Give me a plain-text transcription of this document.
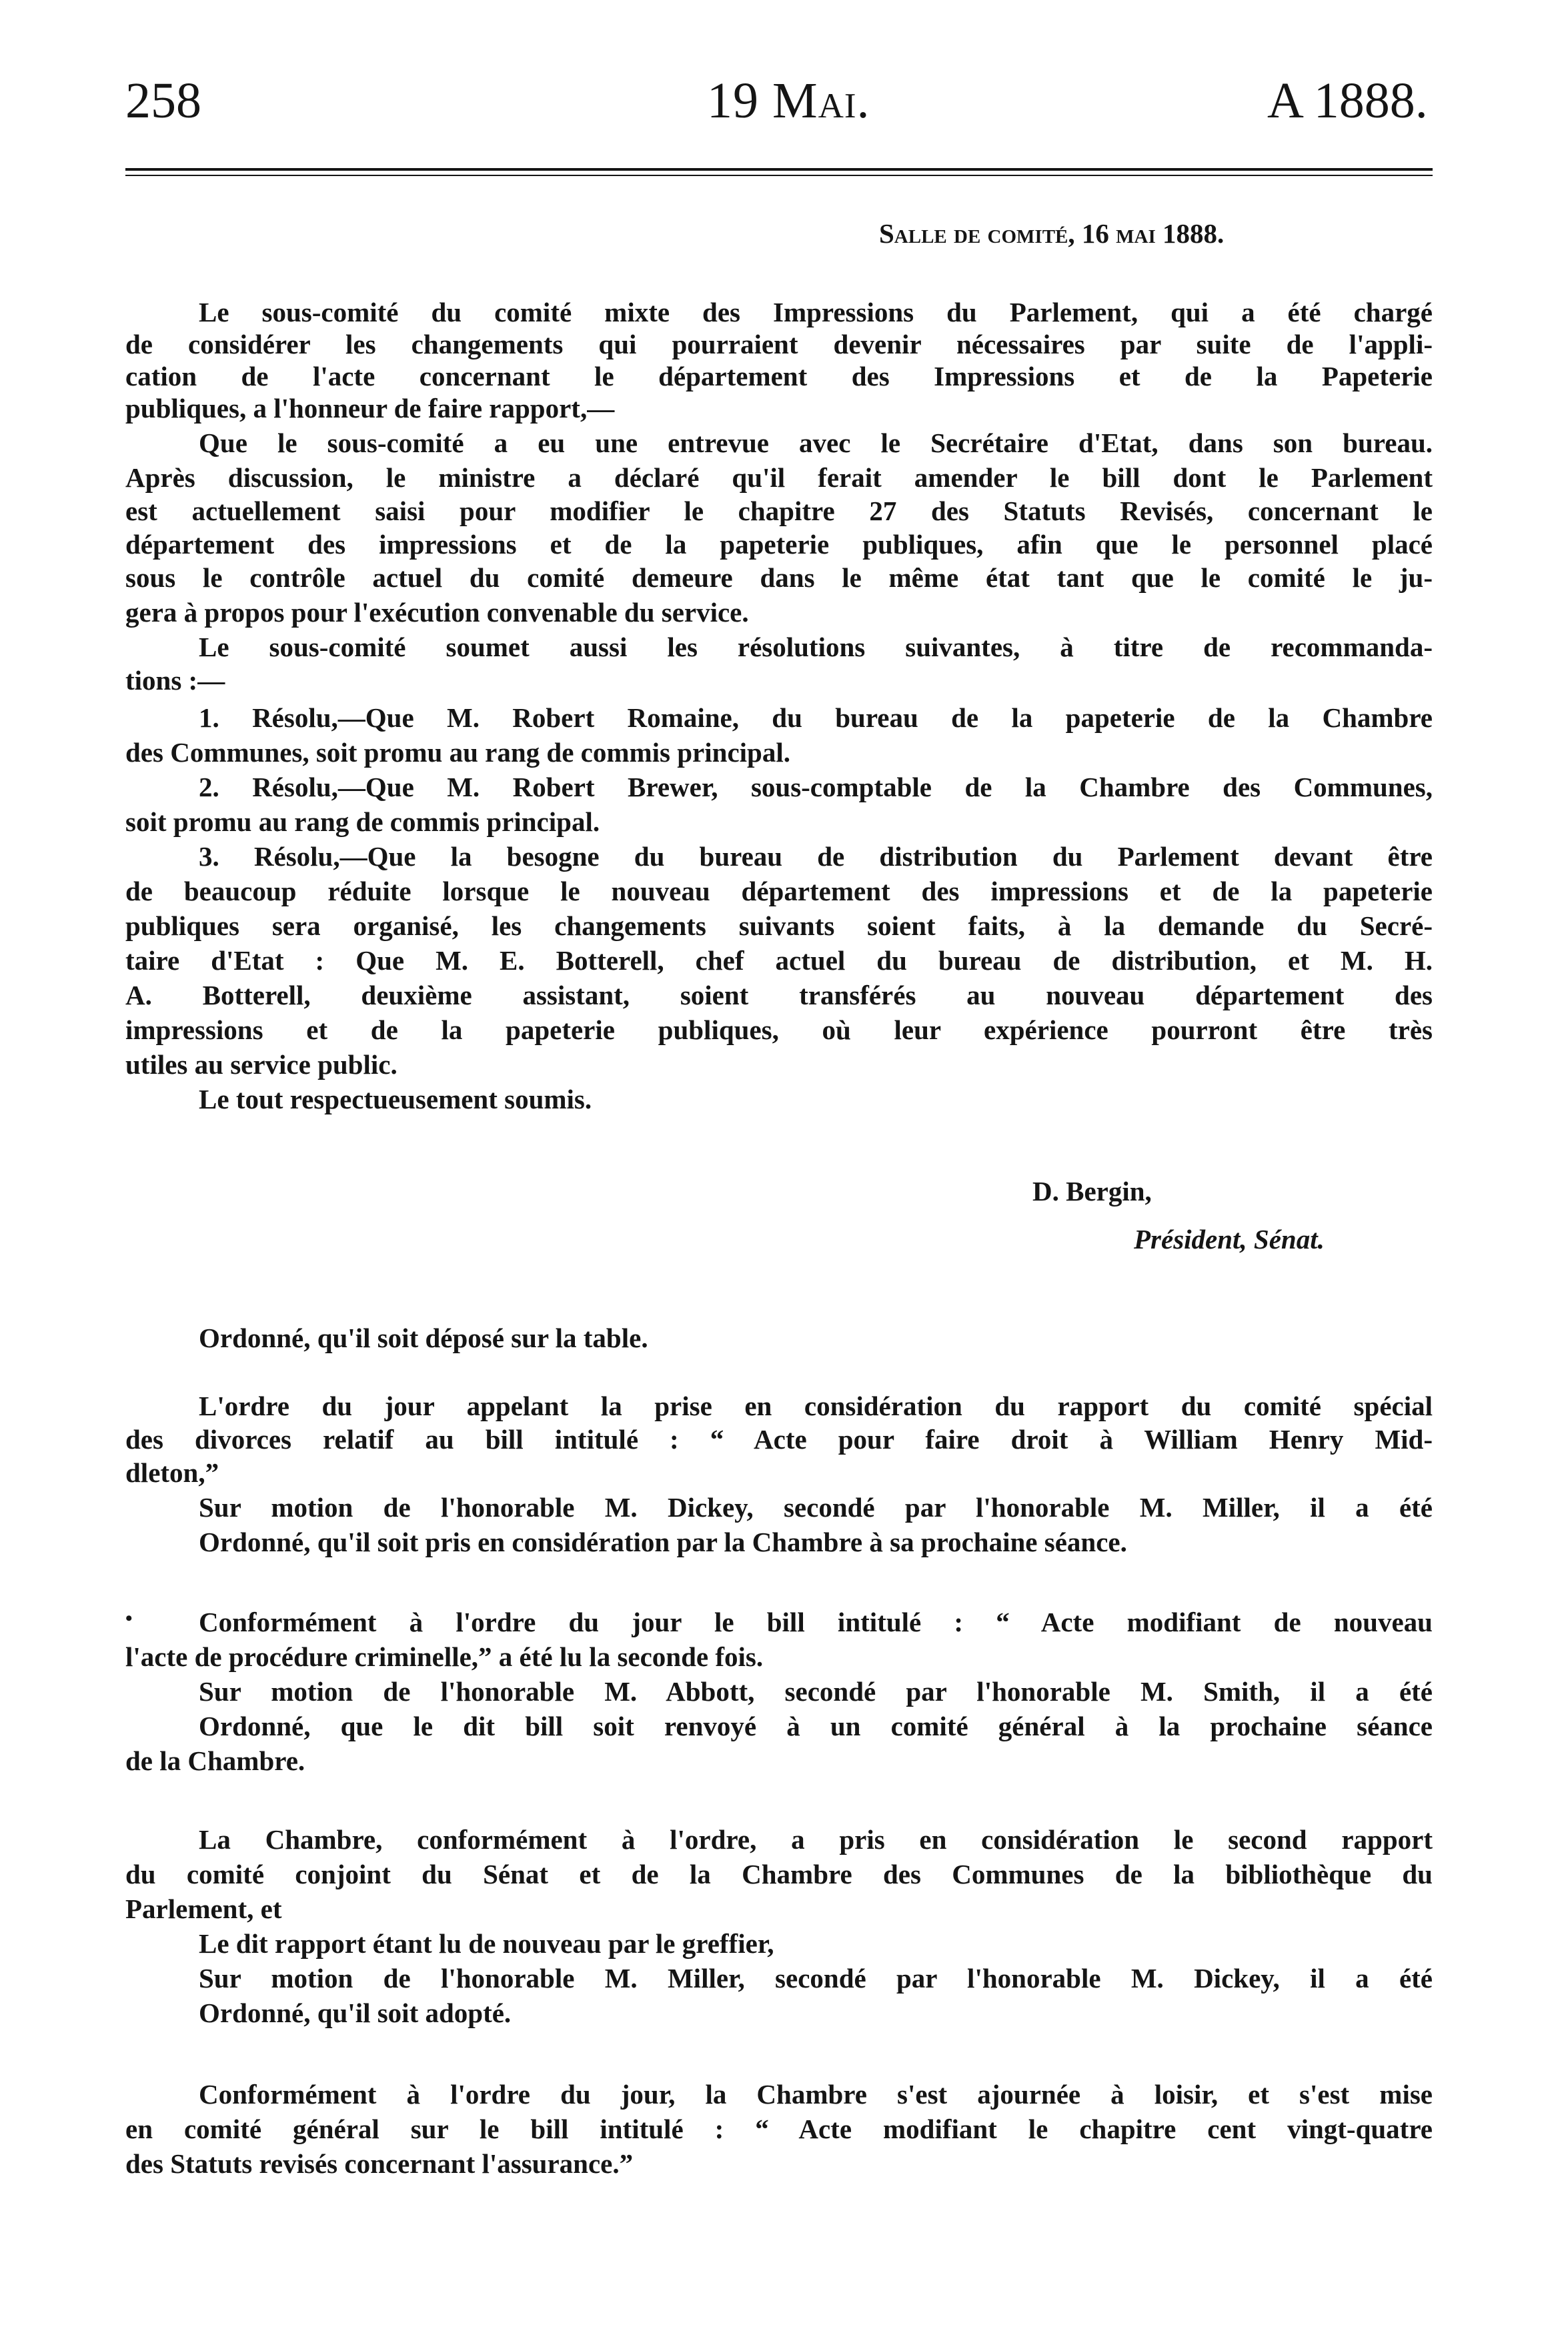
258	19 Mai.	A 1888.
Salle de comité, 16 mai 1888.
Le sous-comité du comité mixte des Impressions du Parlement, qui a été chargé
de considérer les changements qui pourraient devenir nécessaires par suite de l'appli-
cation de l'acte concernant le département des Impressions et de la Papeterie
publiques, a l'honneur de faire rapport,—
Que le sous-comité a eu une entrevue avec le Secrétaire d'Etat, dans son bureau.
Après discussion, le ministre a déclaré qu'il ferait amender le bill dont le Parlement
est actuellement saisi pour modifier le chapitre 27 des Statuts Revisés, concernant le
département des impressions et de la papeterie publiques, afin que le personnel placé
sous le contrôle actuel du comité demeure dans le même état tant que le comité le ju-
gera à propos pour l'exécution convenable du service.
Le sous-comité soumet aussi les résolutions suivantes, à titre de recommanda-
tions :—
1. Résolu,—Que M. Robert Romaine, du bureau de la papeterie de la Chambre
des Communes, soit promu au rang de commis principal.
2. Résolu,—Que M. Robert Brewer, sous-comptable de la Chambre des Communes,
soit promu au rang de commis principal.
3. Résolu,—Que la besogne du bureau de distribution du Parlement devant être
de beaucoup réduite lorsque le nouveau département des impressions et de la papeterie
publiques sera organisé, les changements suivants soient faits, à la demande du Secré-
taire d'Etat : Que M. E. Botterell, chef actuel du bureau de distribution, et M. H.
A. Botterell, deuxième assistant, soient transférés au nouveau département des
impressions et de la papeterie publiques, où leur expérience pourront être très
utiles au service public.
Le tout respectueusement soumis.
D. Bergin,
Président, Sénat.
Ordonné, qu'il soit déposé sur la table.
L'ordre du jour appelant la prise en considération du rapport du comité spécial
des divorces relatif au bill intitulé : “ Acte pour faire droit à William Henry Mid-
dleton,”
Sur motion de l'honorable M. Dickey, secondé par l'honorable M. Miller, il a été
Ordonné, qu'il soit pris en considération par la Chambre à sa prochaine séance.
• Conformément à l'ordre du jour le bill intitulé : “ Acte modifiant de nouveau
l'acte de procédure criminelle,” a été lu la seconde fois.
Sur motion de l'honorable M. Abbott, secondé par l'honorable M. Smith, il a été
Ordonné, que le dit bill soit renvoyé à un comité général à la prochaine séance
de la Chambre.
La Chambre, conformément à l'ordre, a pris en considération le second rapport
du comité conjoint du Sénat et de la Chambre des Communes de la bibliothèque du
Parlement, et
Le dit rapport étant lu de nouveau par le greffier,
Sur motion de l'honorable M. Miller, secondé par l'honorable M. Dickey, il a été
Ordonné, qu'il soit adopté.
Conformément à l'ordre du jour, la Chambre s'est ajournée à loisir, et s'est mise
en comité général sur le bill intitulé : “ Acte modifiant le chapitre cent vingt-quatre
des Statuts revisés concernant l'assurance.”
